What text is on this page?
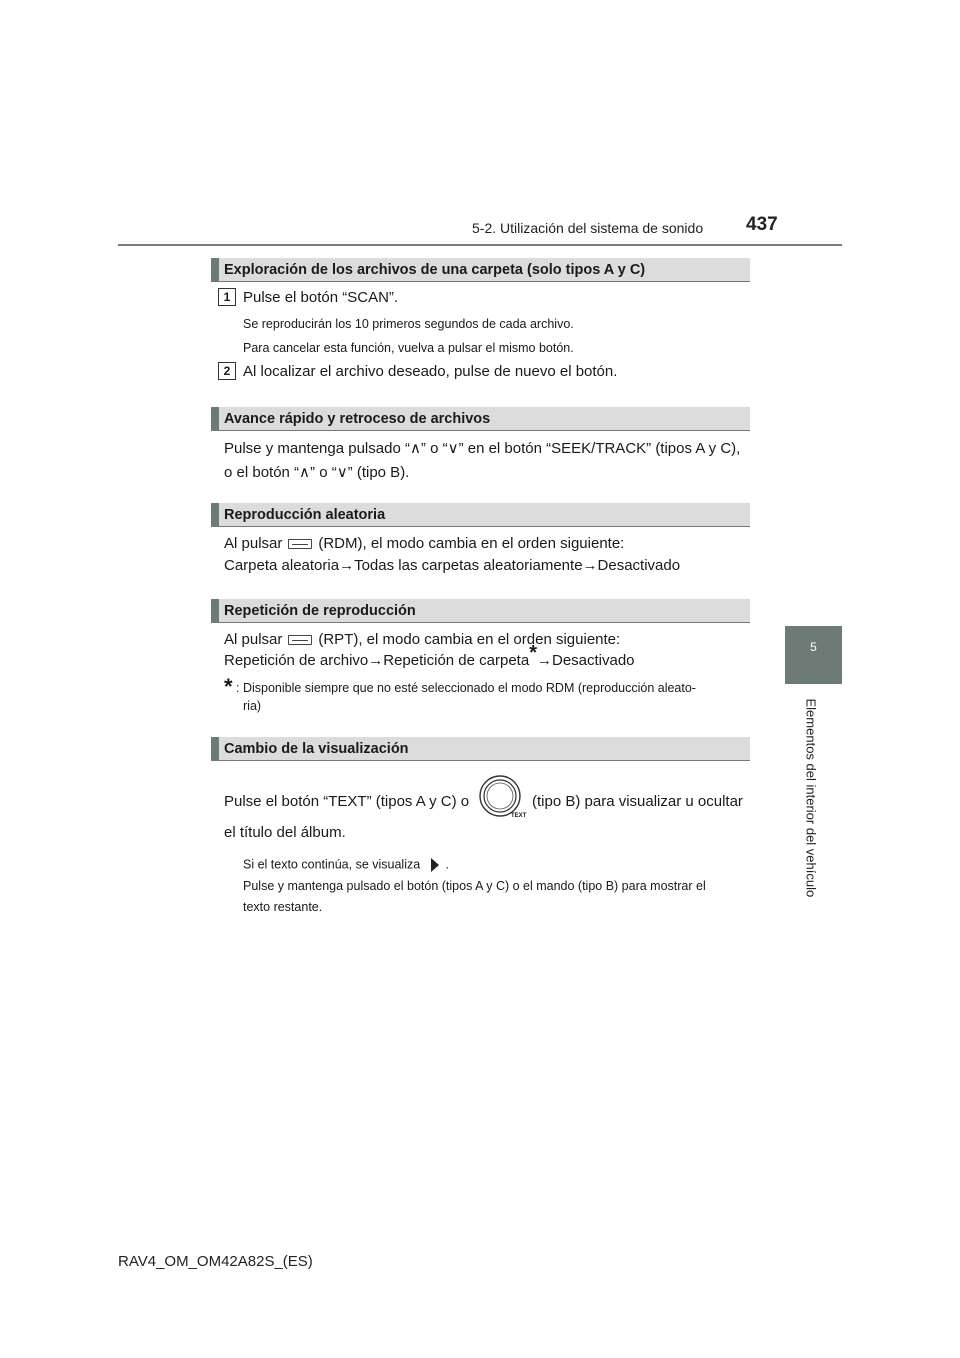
5-2. Utilización del sistema de sonido 437
5
Elementos del interior del vehículo
Exploración de los archivos de una carpeta (solo tipos A y C)
1 Pulse el botón “SCAN”.
Se reproducirán los 10 primeros segundos de cada archivo.
Para cancelar esta función, vuelva a pulsar el mismo botón.
2 Al localizar el archivo deseado, pulse de nuevo el botón.
Avance rápido y retroceso de archivos
Pulse y mantenga pulsado “∧” o “∨” en el botón “SEEK/TRACK” (tipos A y C),
o el botón “∧” o “∨” (tipo B).
Reproducción aleatoria
Al pulsar (RDM), el modo cambia en el orden siguiente:
Carpeta aleatoria→Todas las carpetas aleatoriamente→Desactivado
Repetición de reproducción
Al pulsar (RPT), el modo cambia en el orden siguiente:
Repetición de archivo→Repetición de carpeta*→Desactivado
* : Disponible siempre que no esté seleccionado el modo RDM (reproducción aleato-
ria)
Cambio de la visualización
Pulse el botón “TEXT” (tipos A y C) o
TEXT
(tipo B) para visualizar u ocultar
el título del álbum.
Si el texto continúa, se visualiza .
Pulse y mantenga pulsado el botón (tipos A y C) o el mando (tipo B) para mostrar el
texto restante.
RAV4_OM_OM42A82S_(ES)
